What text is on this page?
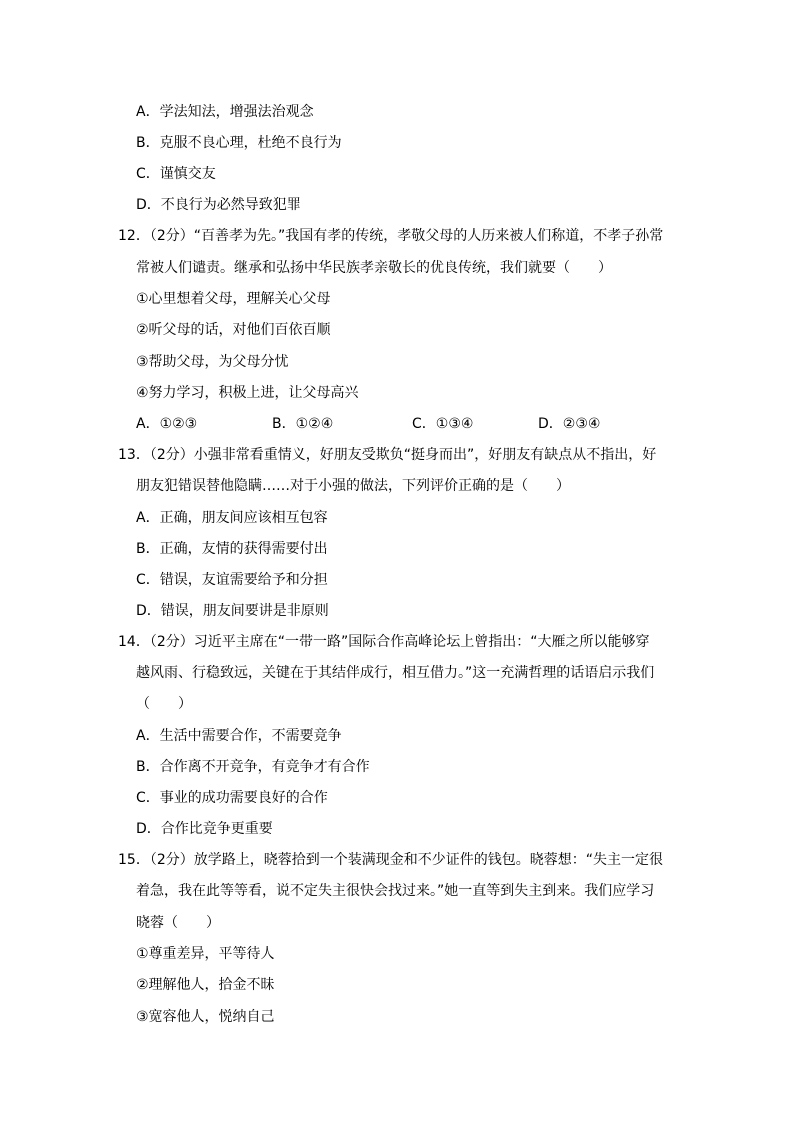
A．学法知法，增强法治观念
B．克服不良心理，杜绝不良行为
C．谨慎交友
D．不良行为必然导致犯罪
12．（2分）“百善孝为先。”我国有孝的传统，孝敬父母的人历来被人们称道，不孝子孙常
常被人们谴责。继承和弘扬中华民族孝亲敬长的优良传统，我们就要（　　）
①心里想着父母，理解关心父母
②听父母的话，对他们百依百顺
③帮助父母，为父母分忧
④努力学习，积极上进，让父母高兴
A．①②③	B．①②④	C．①③④	D．②③④
13．（2分）小强非常看重情义，好朋友受欺负“挺身而出”，好朋友有缺点从不指出，好
朋友犯错误替他隐瞒……对于小强的做法，下列评价正确的是（　　）
A．正确，朋友间应该相互包容
B．正确，友情的获得需要付出
C．错误，友谊需要给予和分担
D．错误，朋友间要讲是非原则
14．（2分）习近平主席在“一带一路”国际合作高峰论坛上曾指出：“大雁之所以能够穿
越风雨、行稳致远，关键在于其结伴成行，相互借力。”这一充满哲理的话语启示我们
（　　）
A．生活中需要合作，不需要竞争
B．合作离不开竞争，有竞争才有合作
C．事业的成功需要良好的合作
D．合作比竞争更重要
15．（2分）放学路上，晓蓉拾到一个装满现金和不少证件的钱包。晓蓉想：“失主一定很
着急，我在此等等看，说不定失主很快会找过来。”她一直等到失主到来。我们应学习
晓蓉（　　）
①尊重差异，平等待人
②理解他人，拾金不昧
③宽容他人，悦纳自己
